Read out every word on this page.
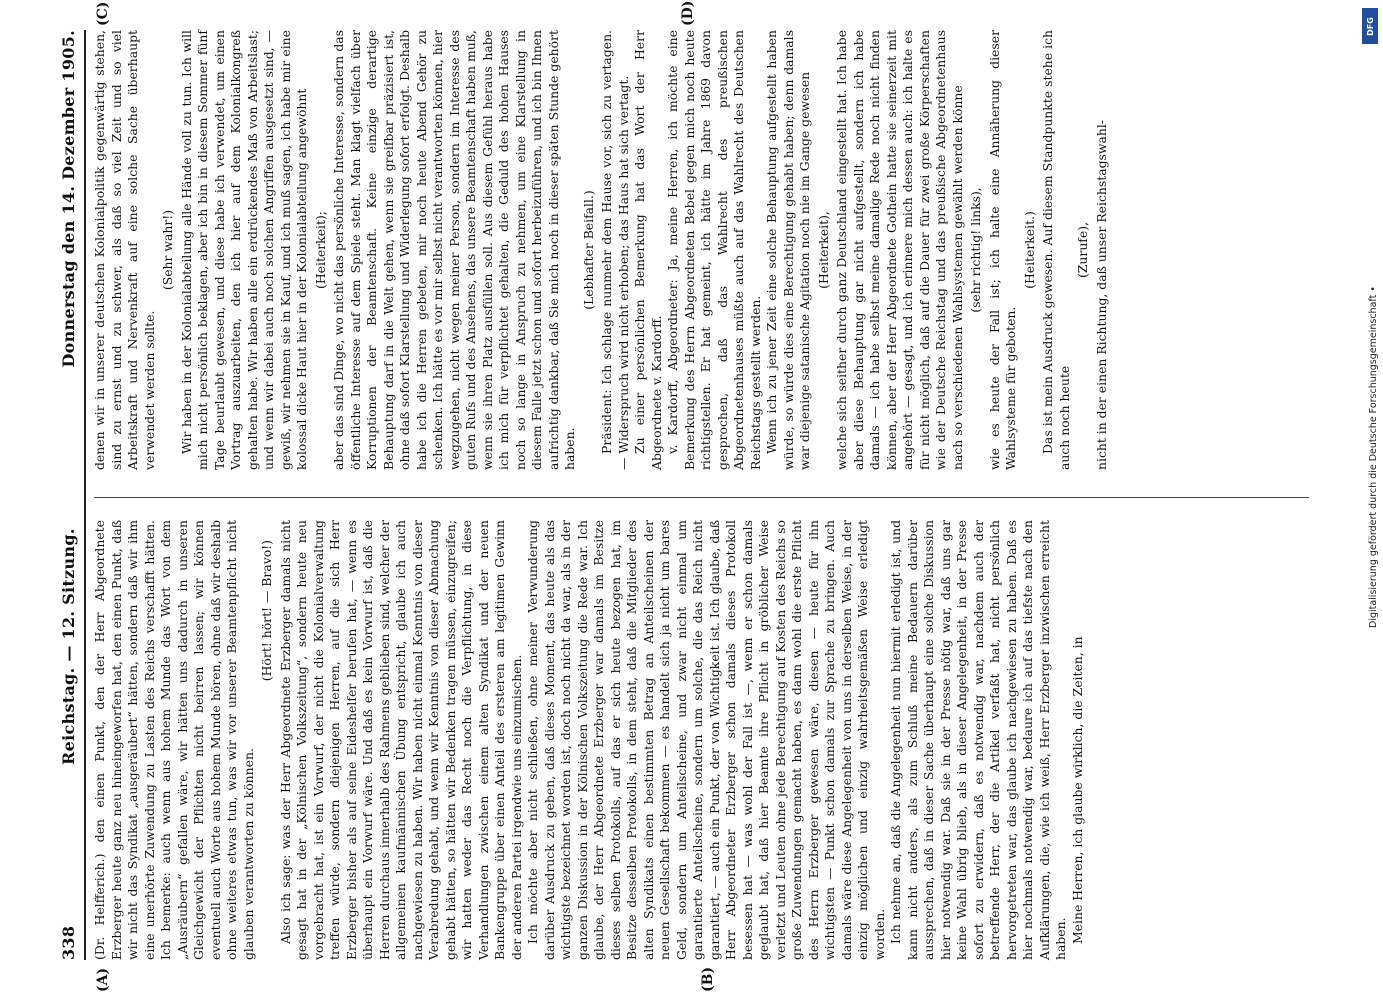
338
Reichstag. — 12. Sitzung.
Donnerstag den 14. Dezember 1905.
(A)	(B)
(C)	(D)

(Dr. Helfferich.) den einen Punkt, den der Herr Abgeordnete Erzberger heute ganz neu hineingeworfen hat, den einen Punkt, daß wir nicht das Syndikat „ausgeräubert“ hätten, sondern daß wir ihm eine unerhörte Zuwendung zu Lasten des Reichs verschafft hätten. Ich bemerke: auch wenn aus hohem Munde das Wort von dem „Ausräubern“ gefallen wäre, wir hätten uns dadurch in unseren Gleichgewicht der Pflichten nicht beirren lassen; wir können eventuell auch Worte aus hohem Munde hören, ohne daß wir deshalb ohne weiteres etwas tun, was wir vor unserer Beamtenpflicht nicht glauben verantworten zu können.

(Hört! hört! — Bravo!) Also ich sage: was der Herr Abgeordnete Erzberger damals nicht gesagt hat in der „Kölnischen Volkszeitung“, sondern heute neu vorgebracht hat, ist ein Vorwurf, der nicht die Kolonialverwaltung treffen würde, sondern diejenigen Herren, auf die sich Herr Erzberger bisher als auf seine Eideshelfer berufen hat, — wenn es überhaupt ein Vorwurf wäre. Und daß es kein Vorwurf ist, daß die Herren durchaus innerhalb des Rahmens geblieben sind, welcher der allgemeinen kaufmännischen Übung entspricht, glaube ich auch nachgewiesen zu haben. Wir haben nicht einmal Kenntnis von dieser Verabredung gehabt, und wenn wir Kenntnis von dieser Abmachung gehabt hätten, so hätten wir Bedenken tragen müssen, einzugreifen; wir hatten weder das Recht noch die Verpflichtung, in diese Verhandlungen zwischen einem alten Syndikat und der neuen Bankengruppe über einen Anteil des ersteren am legitimen Gewinn der anderen Partei irgendwie uns einzumischen. Ich möchte aber nicht schließen, ohne meiner Verwunderung darüber Ausdruck zu geben, daß dieses Moment, das heute als das wichtigste bezeichnet worden ist, doch noch nicht da war, als in der ganzen Diskussion in der Kölnischen Volkszeitung die Rede war. Ich glaube, der Herr Abgeordnete Erzberger war damals im Besitze dieses selben Protokolls, auf das er sich heute bezogen hat, im Besitze desselben Protokolls, in dem steht, daß die Mitglieder des alten Syndikats einen bestimmten Betrag an Anteilscheinen der neuen Gesellschaft bekommen — es handelt sich ja nicht um bares Geld, sondern um Anteilscheine, und zwar nicht einmal um garantierte Anteilscheine, sondern um solche, die das Reich nicht garantiert, — auch ein Punkt, der von Wichtigkeit ist. Ich glaube, daß Herr Abgeordneter Erzberger schon damals dieses Protokoll besessen hat — was wohl der Fall ist —, wenn er schon damals geglaubt hat, daß hier Beamte ihre Pflicht in gröblicher Weise verletzt und Leuten ohne jede Berechtigung auf Kosten des Reichs so große Zuwendungen gemacht haben, es dann wohl die erste Pflicht des Herrn Erzberger gewesen wäre, diesen — heute für ihn wichtigsten — Punkt schon damals zur Sprache zu bringen. Auch damals wäre diese Angelegenheit von uns in derselben Weise, in der einzig möglichen und einzig wahrheitsgemäßen Weise erledigt worden. Ich nehme an, daß die Angelegenheit nun hiermit erledigt ist, und kann nicht anders, als zum Schluß meine Bedauern darüber aussprechen, daß in dieser Sache überhaupt eine solche Diskussion hier notwendig war. Daß sie in der Presse nötig war, daß uns gar keine Wahl übrig blieb, als in dieser Angelegenheit, in der Presse sofort zu erwidern, daß es notwendig war, nachdem auch der betreffende Herr, der die Artikel verfaßt hat, nicht persönlich hervorgetreten war, das glaube ich nachgewiesen zu haben. Daß es hier nochmals notwendig war, bedaure ich auf das tiefste nach den Aufklärungen, die, wie ich weiß, Herr Erzberger inzwischen erreicht haben. Meine Herren, ich glaube wirklich, die Zeiten, in

denen wir in unserer deutschen Kolonialpolitik gegenwärtig stehen, sind zu ernst und zu schwer, als daß so viel Zeit und so viel Arbeitskraft und Nervenkraft auf eine solche Sache überhaupt verwendet werden sollte.

(Sehr wahr!) Wir haben in der Kolonialabteilung alle Hände voll zu tun. Ich will mich nicht persönlich beklagen, aber ich bin in diesem Sommer fünf Tage beurlaubt gewesen, und diese habe ich verwendet, um einen Vortrag auszuarbeiten, den ich hier auf dem Kolonialkongreß gehalten habe. Wir haben alle ein erdrückendes Maß von Arbeitslast; und wenn wir dabei auch noch solchen Angriffen ausgesetzt sind, — gewiß, wir nehmen sie in Kauf, und ich muß sagen, ich habe mir eine kolossal dicke Haut hier in der Kolonialabteilung angewöhnt (Heiterkeit); aber das sind Dinge, wo nicht das persönliche Interesse, sondern das öffentliche Interesse auf dem Spiele steht. Man klagt vielfach über Korruptionen der Beamtenschaft. Keine einzige derartige Behauptung darf in die Welt gehen, wenn sie greifbar präzisiert ist, ohne daß sofort Klarstellung und Widerlegung sofort erfolgt. Deshalb habe ich die Herren gebeten, mir noch heute Abend Gehör zu schenken. Ich hätte es vor mir selbst nicht verantworten können, hier wegzugehen, nicht wegen meiner Person, sondern im Interesse des guten Rufs und des Ansehens, das unsere Beamtenschaft haben muß, wenn sie ihren Platz ausfüllen soll. Aus diesem Gefühl heraus habe ich mich für verpflichtet gehalten, die Geduld des hohen Hauses noch so lange in Anspruch zu nehmen, um eine Klarstellung in diesem Falle jetzt schon und sofort herbeizuführen, und ich bin Ihnen aufrichtig dankbar, daß Sie mich noch in dieser späten Stunde gehört haben.

(Lebhafter Beifall.) Präsident: Ich schlage nunmehr dem Hause vor, sich zu vertagen. — Widerspruch wird nicht erhoben; das Haus hat sich vertagt. Zu einer persönlichen Bemerkung hat das Wort der Herr Abgeordnete v. Kardorff. v. Kardorff, Abgeordneter: Ja, meine Herren, ich möchte eine Bemerkung des Herrn Abgeordneten Bebel gegen mich noch heute richtigstellen. Er hat gemeint, ich hätte im Jahre 1869 davon gesprochen, daß das Wahlrecht des preußischen Abgeordnetenhauses müßte auch auf das Wahlrecht des Deutschen Reichstags gestellt werden. Wenn ich zu jener Zeit eine solche Behauptung aufgestellt haben würde, so würde dies eine Berechtigung gehabt haben; denn damals war diejenige satanische Agitation noch nie im Gange gewesen (Heiterkeit), welche sich seither durch ganz Deutschland eingestellt hat. Ich habe aber diese Behauptung gar nicht aufgestellt, sondern ich habe damals — ich habe selbst meine damalige Rede noch nicht finden können, aber der Herr Abgeordnete Gothein hatte sie seinerzeit mit angehört — gesagt, und ich erinnere mich dessen auch: ich halte es für nicht möglich, daß auf die Dauer für zwei große Körperschaften wie der Deutsche Reichstag und das preußische Abgeordnetenhaus nach so verschiedenen Wahlsystemen gewählt werden könne (sehr richtig! links), wie es heute der Fall ist; ich halte eine Annäherung dieser Wahlsysteme für geboten.

(Heiterkeit.) Das ist mein Ausdruck gewesen. Auf diesem Standpunkte stehe ich auch noch heute

(Zurufe), nicht in der einen Richtung, daß unser Reichstagswahl-

DFG
Digitalisierung gefördert durch die Deutsche Forschungsgemeinschaft •
